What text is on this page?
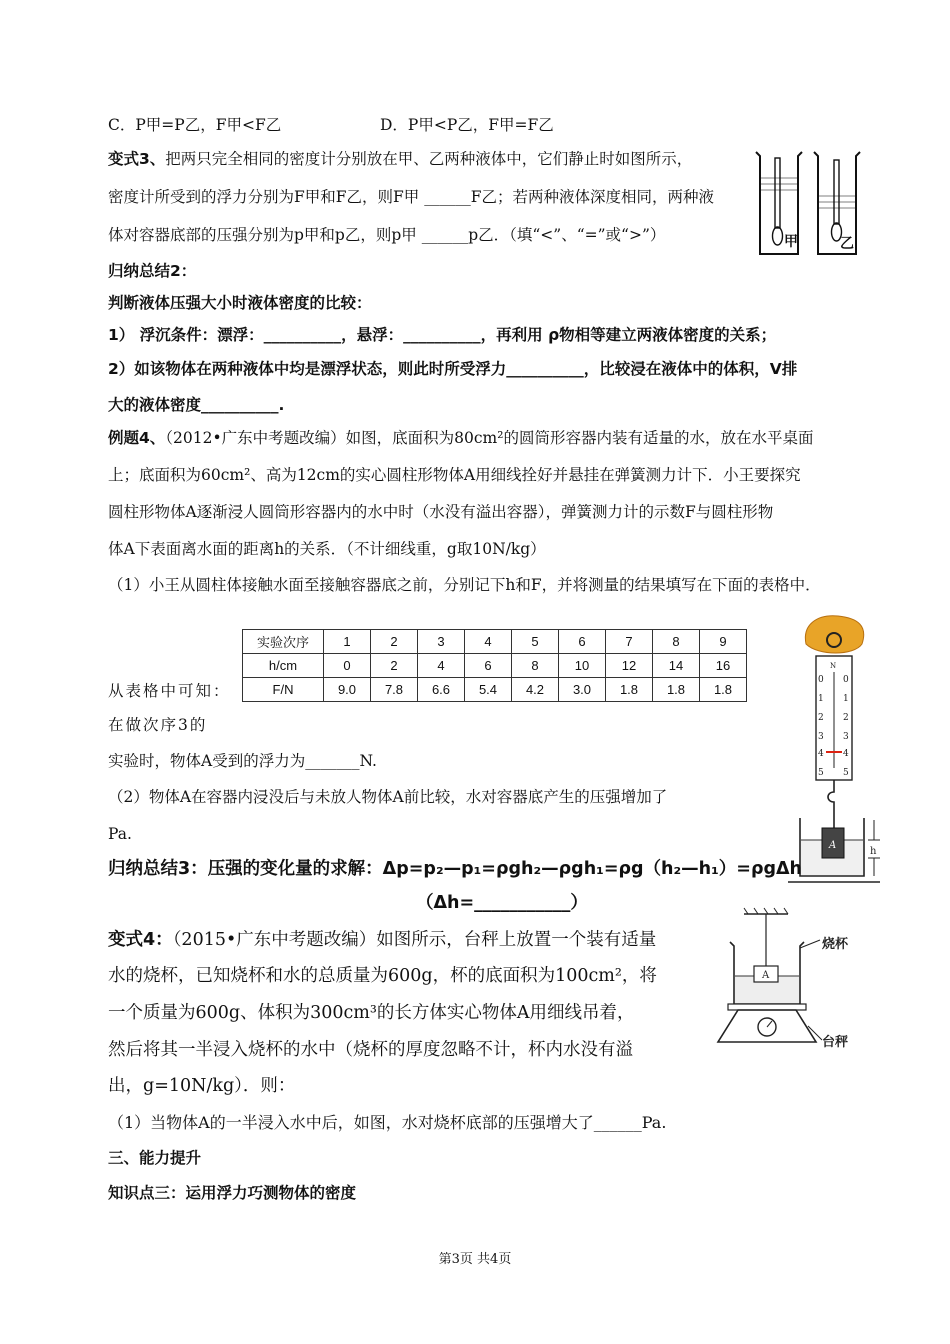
C．P甲=P乙，F甲<F乙	D．P甲<P乙，F甲=F乙
变式3、把两只完全相同的密度计分别放在甲、乙两种液体中，它们静止时如图所示，
密度计所受到的浮力分别为F甲和F乙，则F甲 ______F乙；若两种液体深度相同，两种液
体对容器底部的压强分别为p甲和p乙，则p甲 ______p乙．（填“<”、“=”或“>”）	甲	乙
归纳总结2：
判断液体压强大小时液体密度的比较：
1） 浮沉条件：漂浮：__________，悬浮：__________，再利用 ρ物相等建立两液体密度的关系；
2）如该物体在两种液体中均是漂浮状态，则此时所受浮力__________，比较浸在液体中的体积，V排
大的液体密度__________.
例题4、（2012•广东中考题改编）如图，底面积为80cm²的圆筒形容器内装有适量的水，放在水平桌面
上；底面积为60cm²、高为12cm的实心圆柱形物体A用细线拴好并悬挂在弹簧测力计下．小王要探究
圆柱形物体A逐渐浸人圆筒形容器内的水中时（水没有溢出容器），弹簧测力计的示数F与圆柱形物
体A下表面离水面的距离h的关系．（不计细线重，g取10N/kg）
（1）小王从圆柱体接触水面至接触容器底之前，分别记下h和F，并将测量的结果填写在下面的表格中．
实验次序	1	2	3	4	5	6	7	8	9
h/cm	0	2	4	6	8	10	12	14	16
F/N	9.0	7.8	6.6	5.4	4.2	3.0	1.8	1.8	1.8
从表格中可知：
在做次序3的
实验时，物体A受到的浮力为_______N.
（2）物体A在容器内浸没后与未放人物体A前比较，水对容器底产生的压强增加了
Pa.
N
0 0
1 1
2 2
3 3
4 4
5 5
A
h
归纳总结3：压强的变化量的求解：Δp=p₂—p₁=ρgh₂—ρgh₁=ρg（h₂—h₁）=ρgΔh
（Δh=___________）
变式4：（2015•广东中考题改编）如图所示，台秤上放置一个装有适量
水的烧杯，已知烧杯和水的总质量为600g，杯的底面积为100cm²，将
一个质量为600g、体积为300cm³的长方体实心物体A用细线吊着，
然后将其一半浸入烧杯的水中（烧杯的厚度忽略不计，杯内水没有溢
出，g=10N/kg）．则：
（1）当物体A的一半浸入水中后，如图，水对烧杯底部的压强增大了______Pa.
A
烧杯
台秤
三、能力提升
知识点三：运用浮力巧测物体的密度
第3页 共4页
